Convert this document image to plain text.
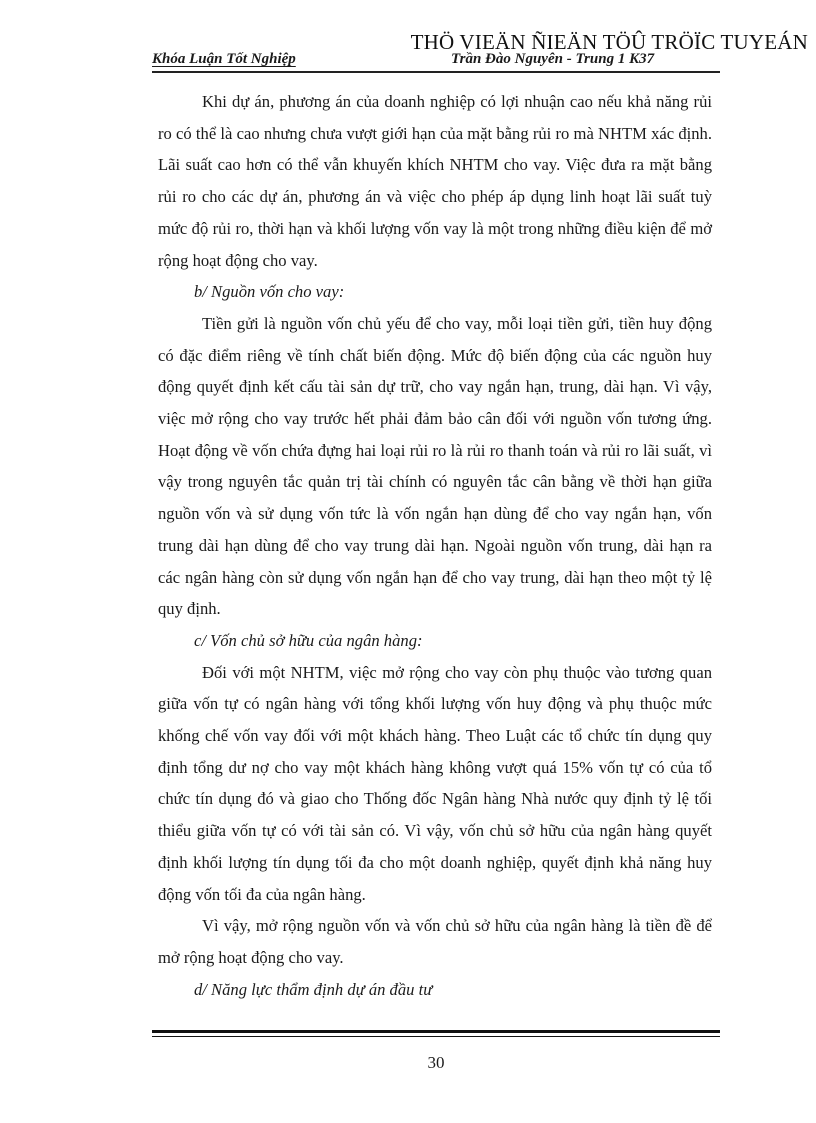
THÖ VIEÄN ÑIEÄN TÖÛ TRÖÏC TUYEÁN
Khóa Luận Tốt Nghiệp	Trần Đào Nguyên - Trung 1 K37

Khi dự án, phương án của doanh nghiệp có lợi nhuận cao nếu khả năng rủi ro có thể là cao nhưng chưa vượt giới hạn của mặt bằng rủi ro mà NHTM xác định. Lãi suất cao hơn có thể vẫn khuyến khích NHTM cho vay. Việc đưa ra mặt bằng rủi ro cho các dự án, phương án và việc cho phép áp dụng linh hoạt lãi suất tuỳ mức độ rủi ro, thời hạn và khối lượng vốn vay là một trong những điều kiện để mở rộng hoạt động cho vay.

b/ Nguồn vốn cho vay:

Tiền gửi là nguồn vốn chủ yếu để cho vay, mỗi loại tiền gửi, tiền huy động có đặc điểm riêng về tính chất biến động. Mức độ biến động của các nguồn huy động quyết định kết cấu tài sản dự trữ, cho vay ngắn hạn, trung, dài hạn. Vì vậy, việc mở rộng cho vay trước hết phải đảm bảo cân đối với nguồn vốn tương ứng. Hoạt động về vốn chứa đựng hai loại rủi ro là rủi ro thanh toán và rủi ro lãi suất, vì vậy trong nguyên tắc quản trị tài chính có nguyên tắc cân bằng về thời hạn giữa nguồn vốn và sử dụng vốn tức là vốn ngắn hạn dùng để cho vay ngắn hạn, vốn trung dài hạn dùng để cho vay trung dài hạn. Ngoài nguồn vốn trung, dài hạn ra các ngân hàng còn sử dụng vốn ngắn hạn để cho vay trung, dài hạn theo một tỷ lệ quy định.

c/ Vốn chủ sở hữu của ngân hàng:

Đối với một NHTM, việc mở rộng cho vay còn phụ thuộc vào tương quan giữa vốn tự có ngân hàng với tổng khối lượng vốn huy động và phụ thuộc mức khống chế vốn vay đối với một khách hàng. Theo Luật các tổ chức tín dụng quy định tổng dư nợ cho vay một khách hàng không vượt quá 15% vốn tự có của tổ chức tín dụng đó và giao cho Thống đốc Ngân hàng Nhà nước quy định tỷ lệ tối thiểu giữa vốn tự có với tài sản có. Vì vậy, vốn chủ sở hữu của ngân hàng quyết định khối lượng tín dụng tối đa cho một doanh nghiệp, quyết định khả năng huy động vốn tối đa của ngân hàng.

Vì vậy, mở rộng nguồn vốn và vốn chủ sở hữu của ngân hàng là tiền đề để mở rộng hoạt động cho vay.

d/ Năng lực thẩm định dự án đầu tư

30
